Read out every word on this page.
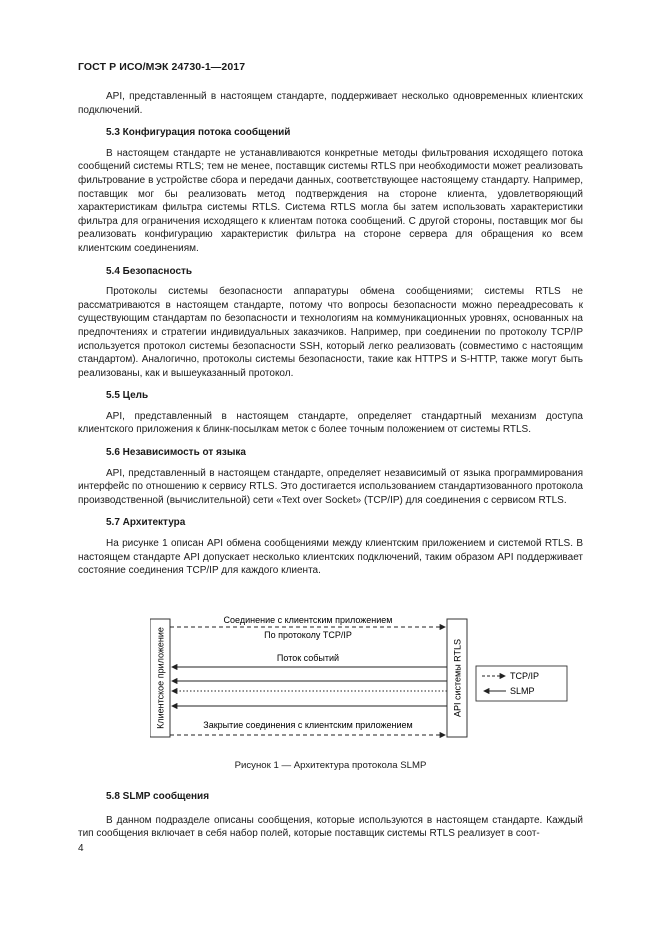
ГОСТ Р ИСО/МЭК 24730-1—2017

API, представленный в настоящем стандарте, поддерживает несколько одновременных клиентских подключений.

5.3 Конфигурация потока сообщений

В настоящем стандарте не устанавливаются конкретные методы фильтрования исходящего потока сообщений системы RTLS; тем не менее, поставщик системы RTLS при необходимости может реализовать фильтрование в устройстве сбора и передачи данных, соответствующее настоящему стандарту. Например, поставщик мог бы реализовать метод подтверждения на стороне клиента, удовлетворяющий характеристикам фильтра системы RTLS. Система RTLS могла бы затем использовать характеристики фильтра для ограничения исходящего к клиентам потока сообщений. С другой стороны, поставщик мог бы реализовать конфигурацию характеристик фильтра на стороне сервера для обращения ко всем клиентским соединениям.

5.4 Безопасность

Протоколы системы безопасности аппаратуры обмена сообщениями; системы RTLS не рассматриваются в настоящем стандарте, потому что вопросы безопасности можно переадресовать к существующим стандартам по безопасности и технологиям на коммуникационных уровнях, основанных на предпочтениях и стратегии индивидуальных заказчиков. Например, при соединении по протоколу TCP/IP используется протокол системы безопасности SSH, который легко реализовать (совместимо с настоящим стандартом). Аналогично, протоколы системы безопасности, такие как HTTPS и S-HTTP, также могут быть реализованы, как и вышеуказанный протокол.

5.5 Цель

API, представленный в настоящем стандарте, определяет стандартный механизм доступа клиентского приложения к блинк-посылкам меток с более точным положением от системы RTLS.

5.6 Независимость от языка

API, представленный в настоящем стандарте, определяет независимый от языка программирования интерфейс по отношению к сервису RTLS. Это достигается использованием стандартизованного протокола производственной (вычислительной) сети «Text over Socket» (TCP/IP) для соединения с сервисом RTLS.

5.7 Архитектура

На рисунке 1 описан API обмена сообщениями между клиентским приложением и системой RTLS. В настоящем стандарте API допускает несколько клиентских подключений, таким образом API поддерживает состояние соединения TCP/IP для каждого клиента.

Клиентское приложение	API системы RTLS
Соединение с клиентским приложением
По протоколу TCP/IP
Поток событий
Закрытие соединения с клиентским приложением
TCP/IP
SLMP
Рисунок 1 — Архитектура протокола SLMP
5.8 SLMP сообщения

В данном подразделе описаны сообщения, которые используются в настоящем стандарте. Каждый тип сообщения включает в себя набор полей, которые поставщик системы RTLS реализует в соот-

4
